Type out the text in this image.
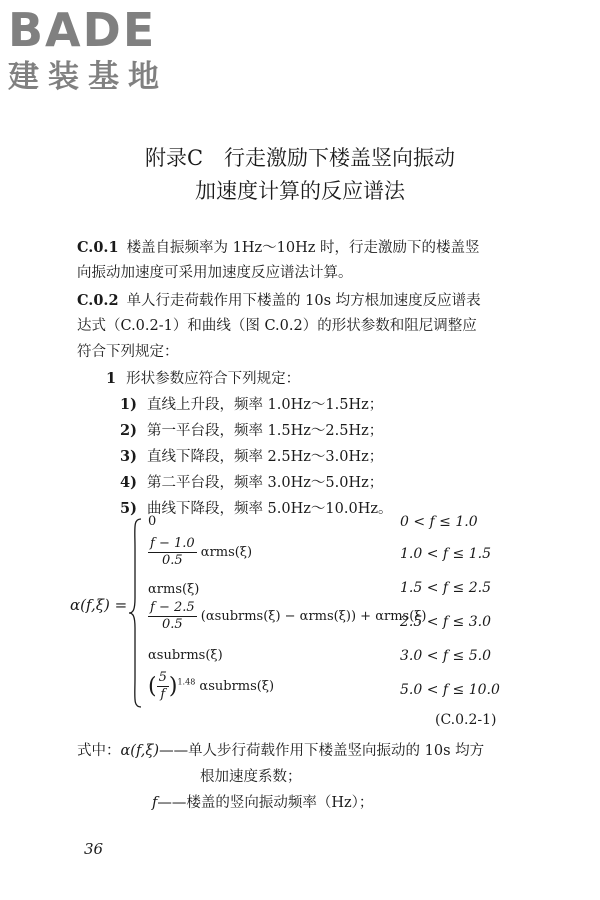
BADE
建装基地
附录C　行走激励下楼盖竖向振动
加速度计算的反应谱法
C.0.1 楼盖自振频率为 1Hz～10Hz 时，行走激励下的楼盖竖
向振动加速度可采用加速度反应谱法计算。
C.0.2 单人行走荷载作用下楼盖的 10s 均方根加速度反应谱表
达式（C.0.2-1）和曲线（图 C.0.2）的形状参数和阻尼调整应
符合下列规定：
1 形状参数应符合下列规定：
1) 直线上升段，频率 1.0Hz～1.5Hz；
2) 第一平台段，频率 1.5Hz～2.5Hz；
3) 直线下降段，频率 2.5Hz～3.0Hz；
4) 第二平台段，频率 3.0Hz～5.0Hz；
5) 曲线下降段，频率 5.0Hz～10.0Hz。
α(f,ξ) =
0
$\frac{f - 1.0}{0.5} \alpha rms(\xi)$
αrms(ξ)
$\frac{f - 2.5}{0.5}$ (αsubrms(ξ) − αrms(ξ)) + αrms(ξ)
αsubrms(ξ)
( $\frac{5}{f} )^{1.48}$ αsubrms(ξ)
0 < f ≤ 1.0
1.0 < f ≤ 1.5
1.5 < f ≤ 2.5
2.5 < f ≤ 3.0
3.0 < f ≤ 5.0
5.0 < f ≤ 10.0
(C.0.2-1)
式中：α(f,ξ)——单人步行荷载作用下楼盖竖向振动的 10s 均方
根加速度系数；
f——楼盖的竖向振动频率（Hz）；
36
